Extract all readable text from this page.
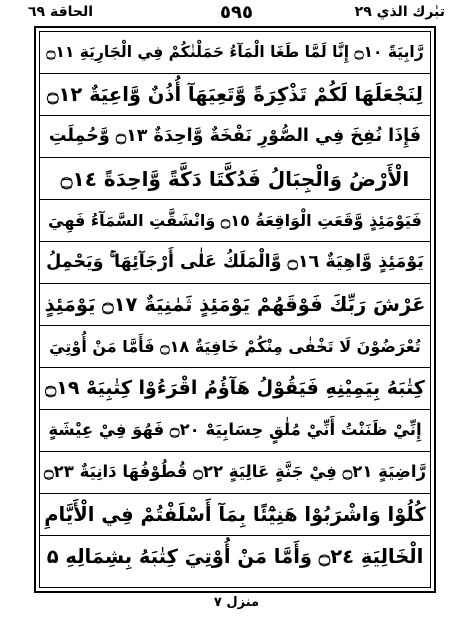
الحاقة ٦٩	٥٩٥	تبٰرك الذي ٢٩
رَّابِيَةً ۝١٠ إِنَّا لَمَّا طَغَا الْمَآءُ حَمَلْنٰكُمْ فِي الْجَارِيَةِ ۝١١
لِنَجْعَلَهَا لَكُمْ تَذْكِرَةً وَّتَعِيَهَآ أُذُنٌ وَّاعِيَةٌ ۝١٢
فَإِذَا نُفِخَ فِي الصُّوْرِ نَفْخَةٌ وَّاحِدَةٌ ۝١٣ وَّحُمِلَتِ
الْأَرْضُ وَالْجِبَالُ فَدُكَّتَا دَكَّةً وَّاحِدَةً ۝١٤
فَيَوْمَئِذٍ وَّقَعَتِ الْوَاقِعَةُ ۝١٥ وَانْشَقَّتِ السَّمَآءُ فَهِيَ
يَوْمَئِذٍ وَّاهِيَةٌ ۝١٦ وَّالْمَلَكُ عَلٰى أَرْجَآئِهَا ۚ وَيَحْمِلُ
عَرْشَ رَبِّكَ فَوْقَهُمْ يَوْمَئِذٍ ثَمٰنِيَةٌ ۝١٧ يَوْمَئِذٍ
تُعْرَضُوْنَ لَا تَخْفٰى مِنْكُمْ خَافِيَةٌ ۝١٨ فَأَمَّا مَنْ أُوْتِيَ
كِتٰبَهُ بِيَمِيْنِهِ فَيَقُوْلُ هَآؤُمُ اقْرَءُوْا كِتٰبِيَهْ ۝١٩
إِنِّيْ ظَنَنْتُ أَنِّيْ مُلٰقٍ حِسَابِيَهْ ۝٢٠ فَهُوَ فِيْ عِيْشَةٍ
رَّاضِيَةٍ ۝٢١ فِيْ جَنَّةٍ عَالِيَةٍ ۝٢٢ قُطُوْفُهَا دَانِيَةٌ ۝٢٣
كُلُوْا وَاشْرَبُوْا هَنِيْٓئًا بِمَآ أَسْلَفْتُمْ فِي الْأَيَّامِ
الْخَالِيَةِ ۝٢٤ وَأَمَّا مَنْ أُوْتِيَ كِتٰبَهُ بِشِمَالِهِ ۵
منزل ٧
